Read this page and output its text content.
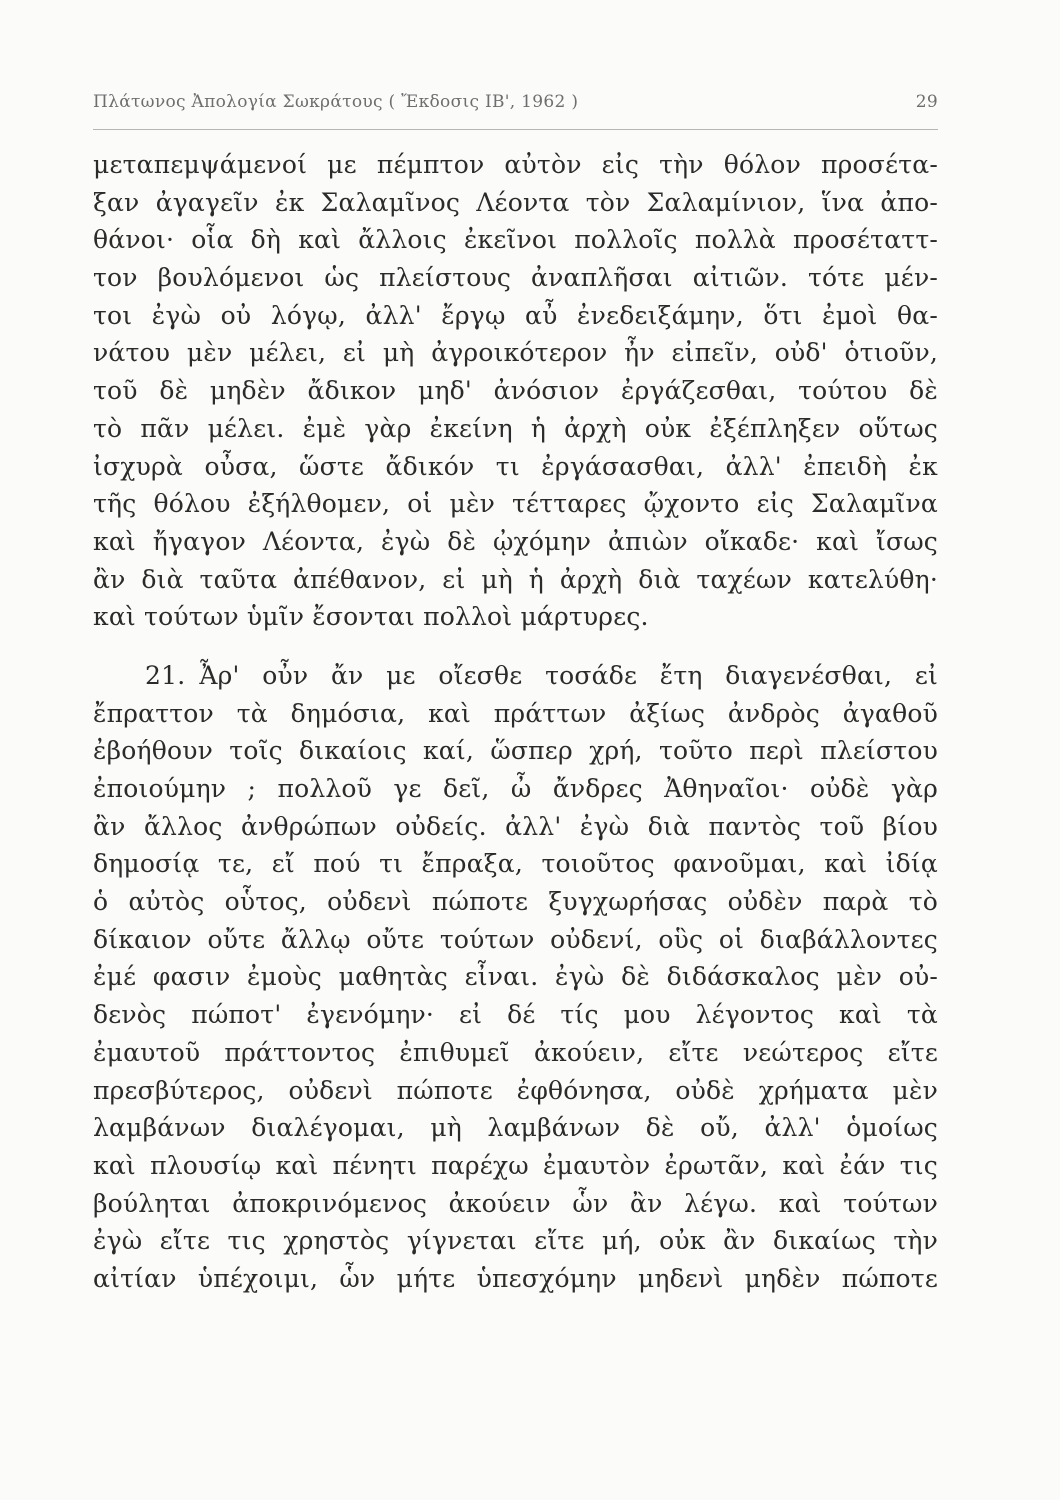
Πλάτωνος Ἀπολογία Σωκράτους ( Ἔκδοσις ΙΒ', 1962 )	29
μεταπεμψάμενοί με πέμπτον αὐτὸν εἰς τὴν θόλον προσέτα-
ξαν ἀγαγεῖν ἐκ Σαλαμῖνος Λέοντα τὸν Σαλαμίνιον, ἵνα ἀπο-
θάνοι· οἷα δὴ καὶ ἄλλοις ἐκεῖνοι πολλοῖς πολλὰ προσέταττ-
τον βουλόμενοι ὡς πλείστους ἀναπλῆσαι αἰτιῶν. τότε μέν-
τοι ἐγὼ οὐ λόγῳ, ἀλλ' ἔργῳ αὖ ἐνεδειξάμην, ὅτι ἐμοὶ θα-
νάτου μὲν μέλει, εἰ μὴ ἀγροικότερον ἦν εἰπεῖν, οὐδ' ὁτιοῦν,
τοῦ δὲ μηδὲν ἄδικον μηδ' ἀνόσιον ἐργάζεσθαι, τούτου δὲ
τὸ πᾶν μέλει. ἐμὲ γὰρ ἐκείνη ἡ ἀρχὴ οὐκ ἐξέπληξεν οὕτως
ἰσχυρὰ οὖσα, ὥστε ἄδικόν τι ἐργάσασθαι, ἀλλ' ἐπειδὴ ἐκ
τῆς θόλου ἐξήλθομεν, οἱ μὲν τέτταρες ᾤχοντο εἰς Σαλαμῖνα
καὶ ἤγαγον Λέοντα, ἐγὼ δὲ ᾠχόμην ἀπιὼν οἴκαδε· καὶ ἴσως
ἂν διὰ ταῦτα ἀπέθανον, εἰ μὴ ἡ ἀρχὴ διὰ ταχέων κατελύθη·
καὶ τούτων ὑμῖν ἔσονται πολλοὶ μάρτυρες.
21. Ἆρ' οὖν ἄν με οἴεσθε τοσάδε ἔτη διαγενέσθαι, εἰ
ἔπραττον τὰ δημόσια, καὶ πράττων ἀξίως ἀνδρὸς ἀγαθοῦ
ἐβοήθουν τοῖς δικαίοις καί, ὥσπερ χρή, τοῦτο περὶ πλείστου
ἐποιούμην ; πολλοῦ γε δεῖ, ὦ ἄνδρες Ἀθηναῖοι· οὐδὲ γὰρ
ἂν ἄλλος ἀνθρώπων οὐδείς. ἀλλ' ἐγὼ διὰ παντὸς τοῦ βίου
δημοσίᾳ τε, εἴ πού τι ἔπραξα, τοιοῦτος φανοῦμαι, καὶ ἰδίᾳ
ὁ αὐτὸς οὗτος, οὐδενὶ πώποτε ξυγχωρήσας οὐδὲν παρὰ τὸ
δίκαιον οὔτε ἄλλῳ οὔτε τούτων οὐδενί, οὓς οἱ διαβάλλοντες
ἐμέ φασιν ἐμοὺς μαθητὰς εἶναι. ἐγὼ δὲ διδάσκαλος μὲν οὐ-
δενὸς πώποτ' ἐγενόμην· εἰ δέ τίς μου λέγοντος καὶ τὰ
ἐμαυτοῦ πράττοντος ἐπιθυμεῖ ἀκούειν, εἴτε νεώτερος εἴτε
πρεσβύτερος, οὐδενὶ πώποτε ἐφθόνησα, οὐδὲ χρήματα μὲν
λαμβάνων διαλέγομαι, μὴ λαμβάνων δὲ οὔ, ἀλλ' ὁμοίως
καὶ πλουσίῳ καὶ πένητι παρέχω ἐμαυτὸν ἐρωτᾶν, καὶ ἐάν τις
βούληται ἀποκρινόμενος ἀκούειν ὧν ἂν λέγω. καὶ τούτων
ἐγὼ εἴτε τις χρηστὸς γίγνεται εἴτε μή, οὐκ ἂν δικαίως τὴν
αἰτίαν ὑπέχοιμι, ὧν μήτε ὑπεσχόμην μηδενὶ μηδὲν πώποτε
